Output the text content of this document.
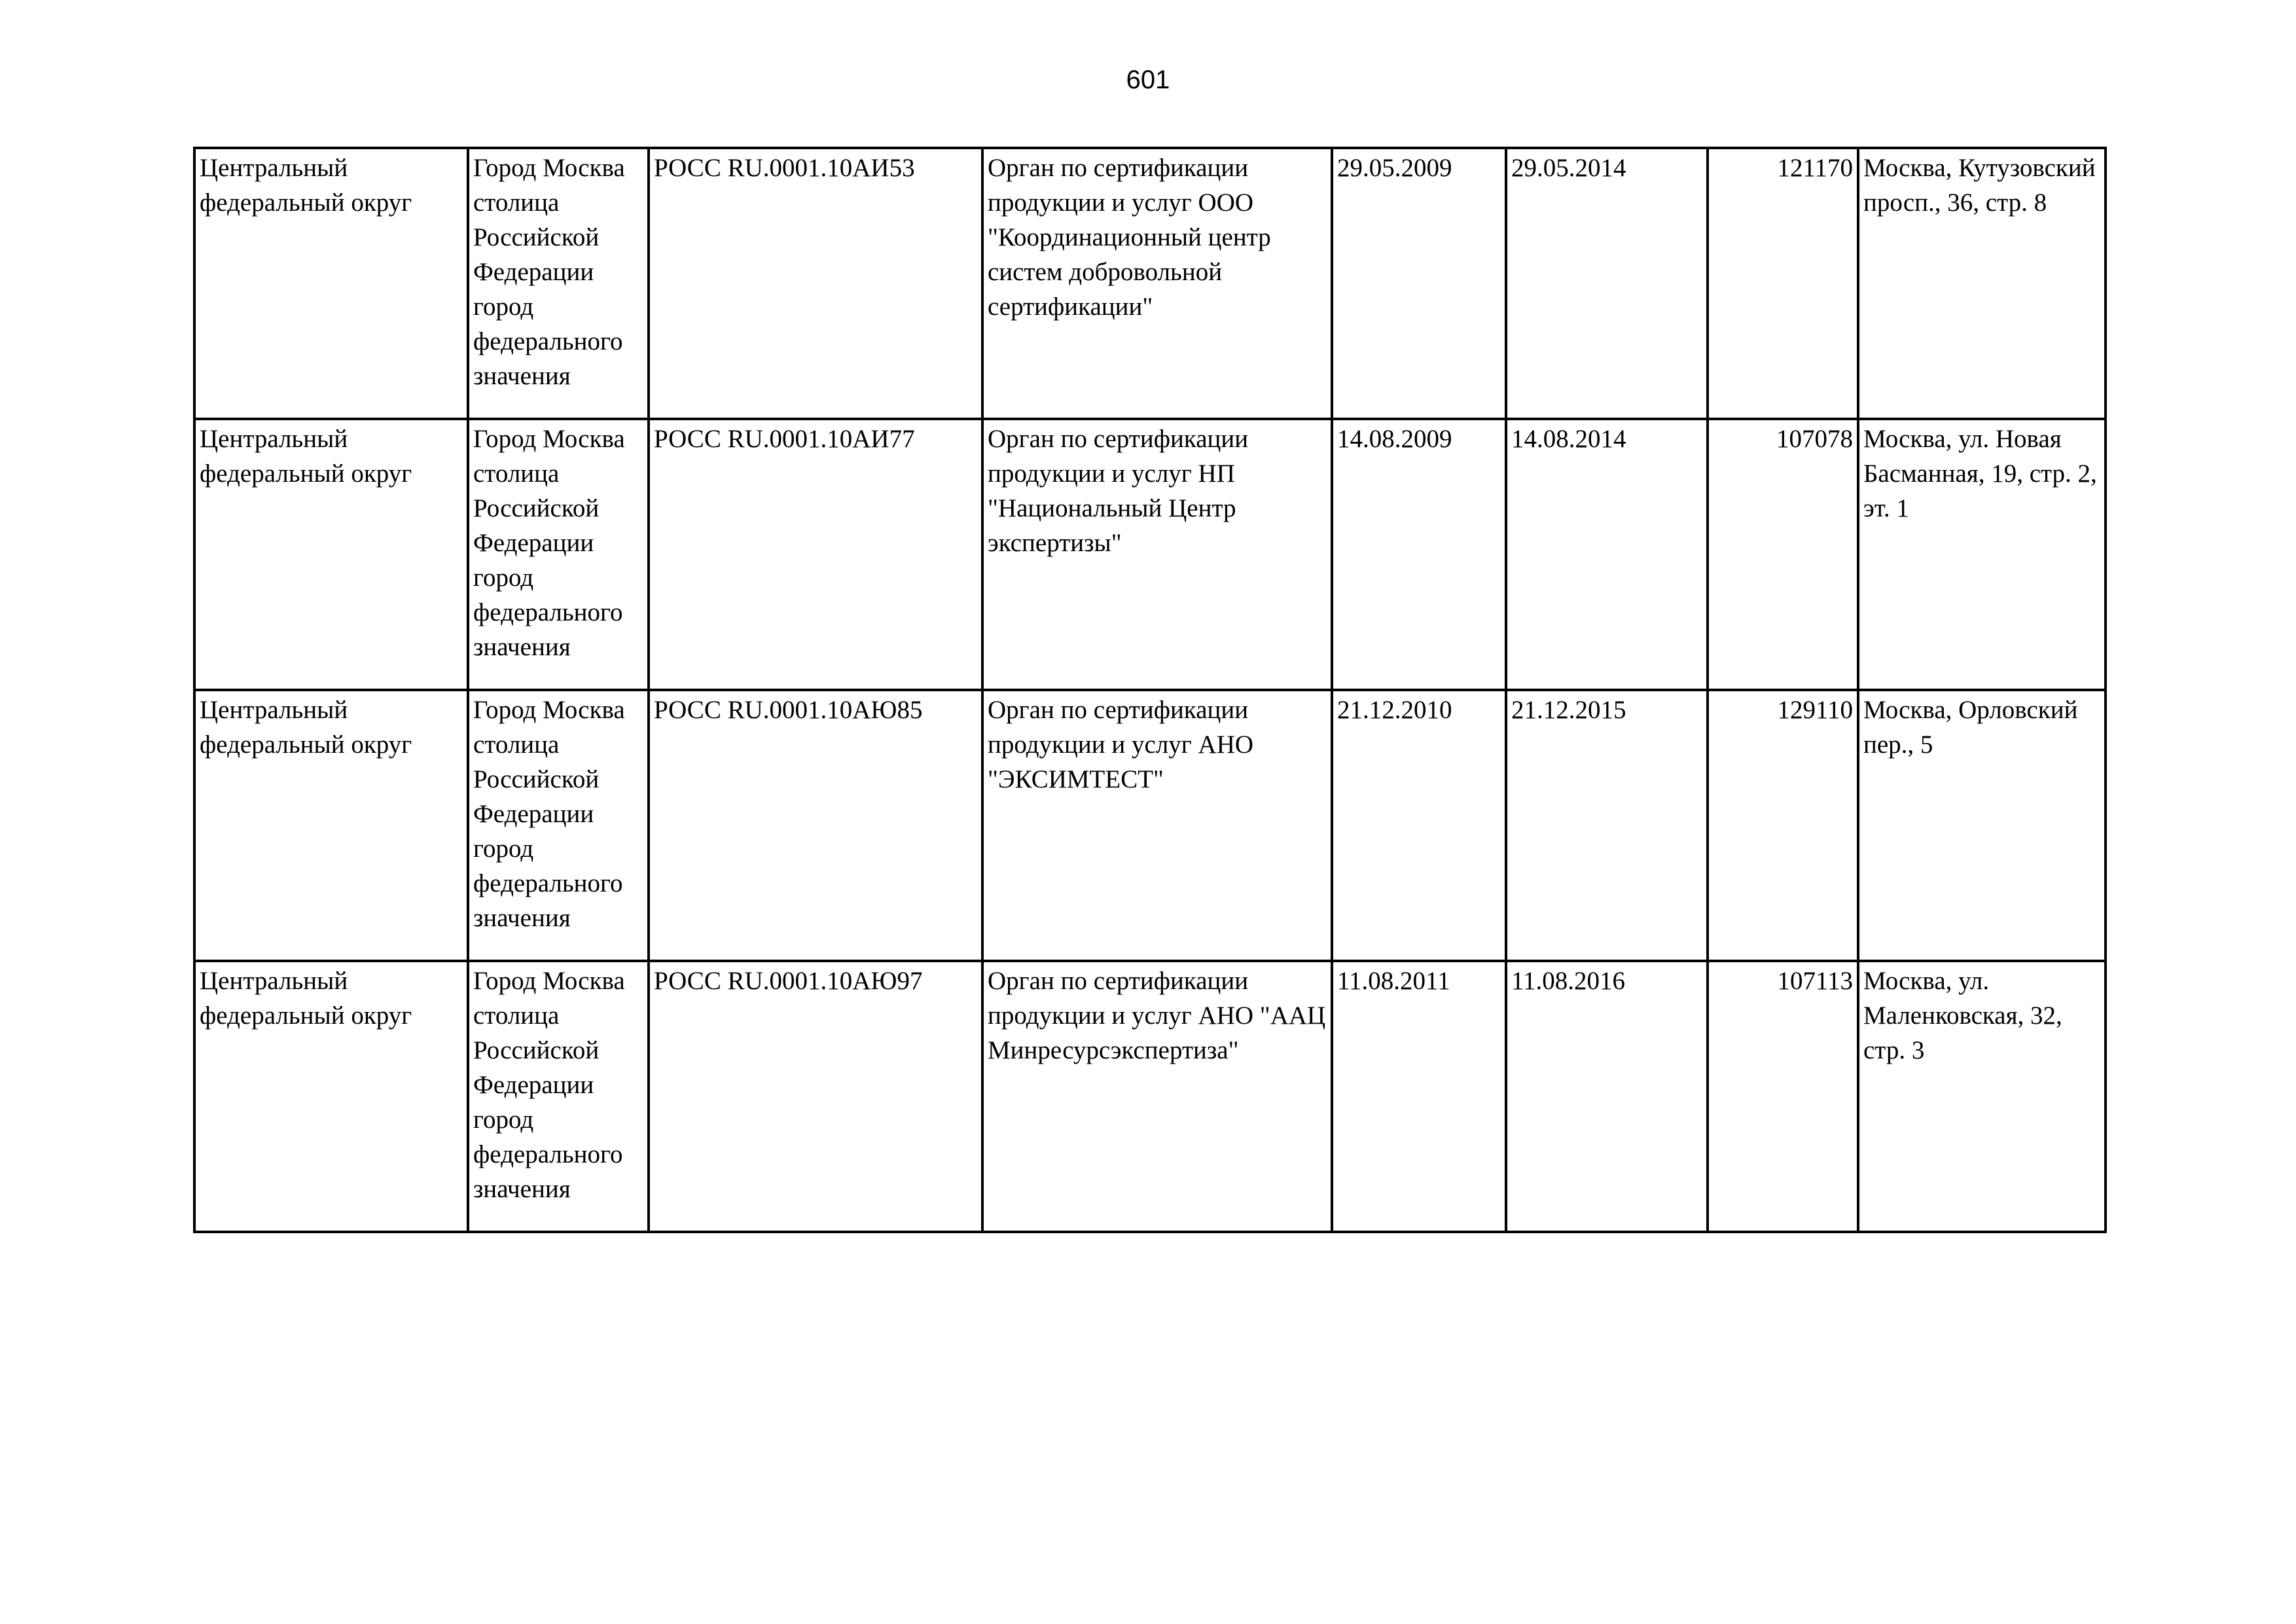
601
Центральный федеральный округ	Город Москва столица Российской Федерации город федерального значения	РОСС RU.0001.10АИ53	Орган по сертификации продукции и услуг ООО "Координационный центр систем добровольной сертификации"	29.05.2009	29.05.2014	121170	Москва, Кутузовский просп., 36, стр. 8

Центральный федеральный округ	Город Москва столица Российской Федерации город федерального значения	РОСС RU.0001.10АИ77	Орган по сертификации продукции и услуг НП "Национальный Центр экспертизы"	14.08.2009	14.08.2014	107078	Москва, ул. Новая Басманная, 19, стр. 2, эт. 1

Центральный федеральный округ	Город Москва столица Российской Федерации город федерального значения	РОСС RU.0001.10АЮ85	Орган по сертификации продукции и услуг АНО "ЭКСИМТЕСТ"	21.12.2010	21.12.2015	129110	Москва, Орловский пер., 5

Центральный федеральный округ	Город Москва столица Российской Федерации город федерального значения	РОСС RU.0001.10АЮ97	Орган по сертификации продукции и услуг АНО "ААЦ Минресурсэкспертиза"	11.08.2011	11.08.2016	107113	Москва, ул. Маленковская, 32, стр. 3
